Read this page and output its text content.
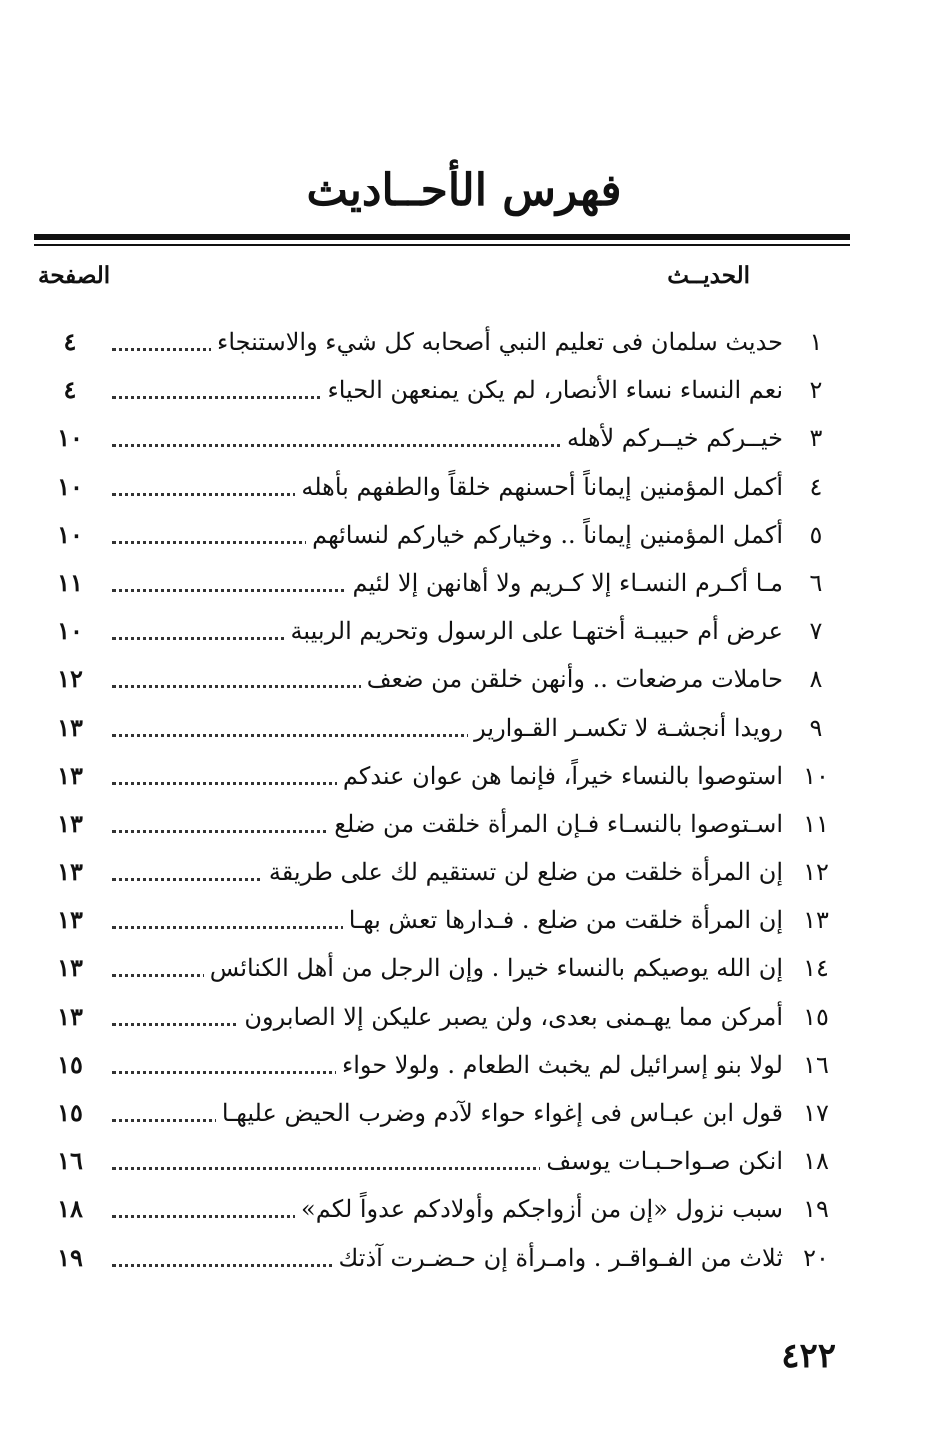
فهرس الأحــاديث
الحديــث
الصفحة
١
حديث سلمان فى تعليم النبي أصحابه كل شيء والاستنجاء
٤
٢
نعم النساء نساء الأنصار، لم يكن يمنعهن الحياء
٤
٣
خيــركم خيــركم لأهله
١٠
٤
أكمل المؤمنين إيماناً أحسنهم خلقاً والطفهم بأهله
١٠
٥
أكمل المؤمنين إيماناً .. وخياركم خياركم لنسائهم
١٠
٦
مـا أكـرم النسـاء إلا كـريم ولا أهانهن إلا لئيم
١١
٧
عرض أم حبيبـة أختهـا على الرسول وتحريم الربيبة
١٠
٨
حاملات مرضعات .. وأنهن خلقن من ضعف
١٢
٩
رويدا أنجشـة لا تكسـر القـوارير
١٣
١٠
استوصوا بالنساء خيراً، فإنما هن عوان عندكم
١٣
١١
اسـتوصوا بالنسـاء فـإن المرأة خلقت من ضلع
١٣
١٢
إن المرأة خلقت من ضلع لن تستقيم لك على طريقة
١٣
١٣
إن المرأة خلقت من ضلع . فـدارها تعش بهـا
١٣
١٤
إن الله يوصيكم بالنساء خيرا . وإن الرجل من أهل الكنائس
١٣
١٥
أمركن مما يهـمنى بعدى، ولن يصبر عليكن إلا الصابرون
١٣
١٦
لولا بنو إسرائيل لم يخبث الطعام . ولولا حواء
١٥
١٧
قول ابن عبـاس فى إغواء حواء لآدم وضرب الحيض عليهـا
١٥
١٨
انكن صـواحـبـات يوسف
١٦
١٩
سبب نزول «إن من أزواجكم وأولادكم عدواً لكم»
١٨
٢٠
ثلاث من الفـواقـر . وامـرأة إن حـضـرت آذتك
١٩
٤٢٢
